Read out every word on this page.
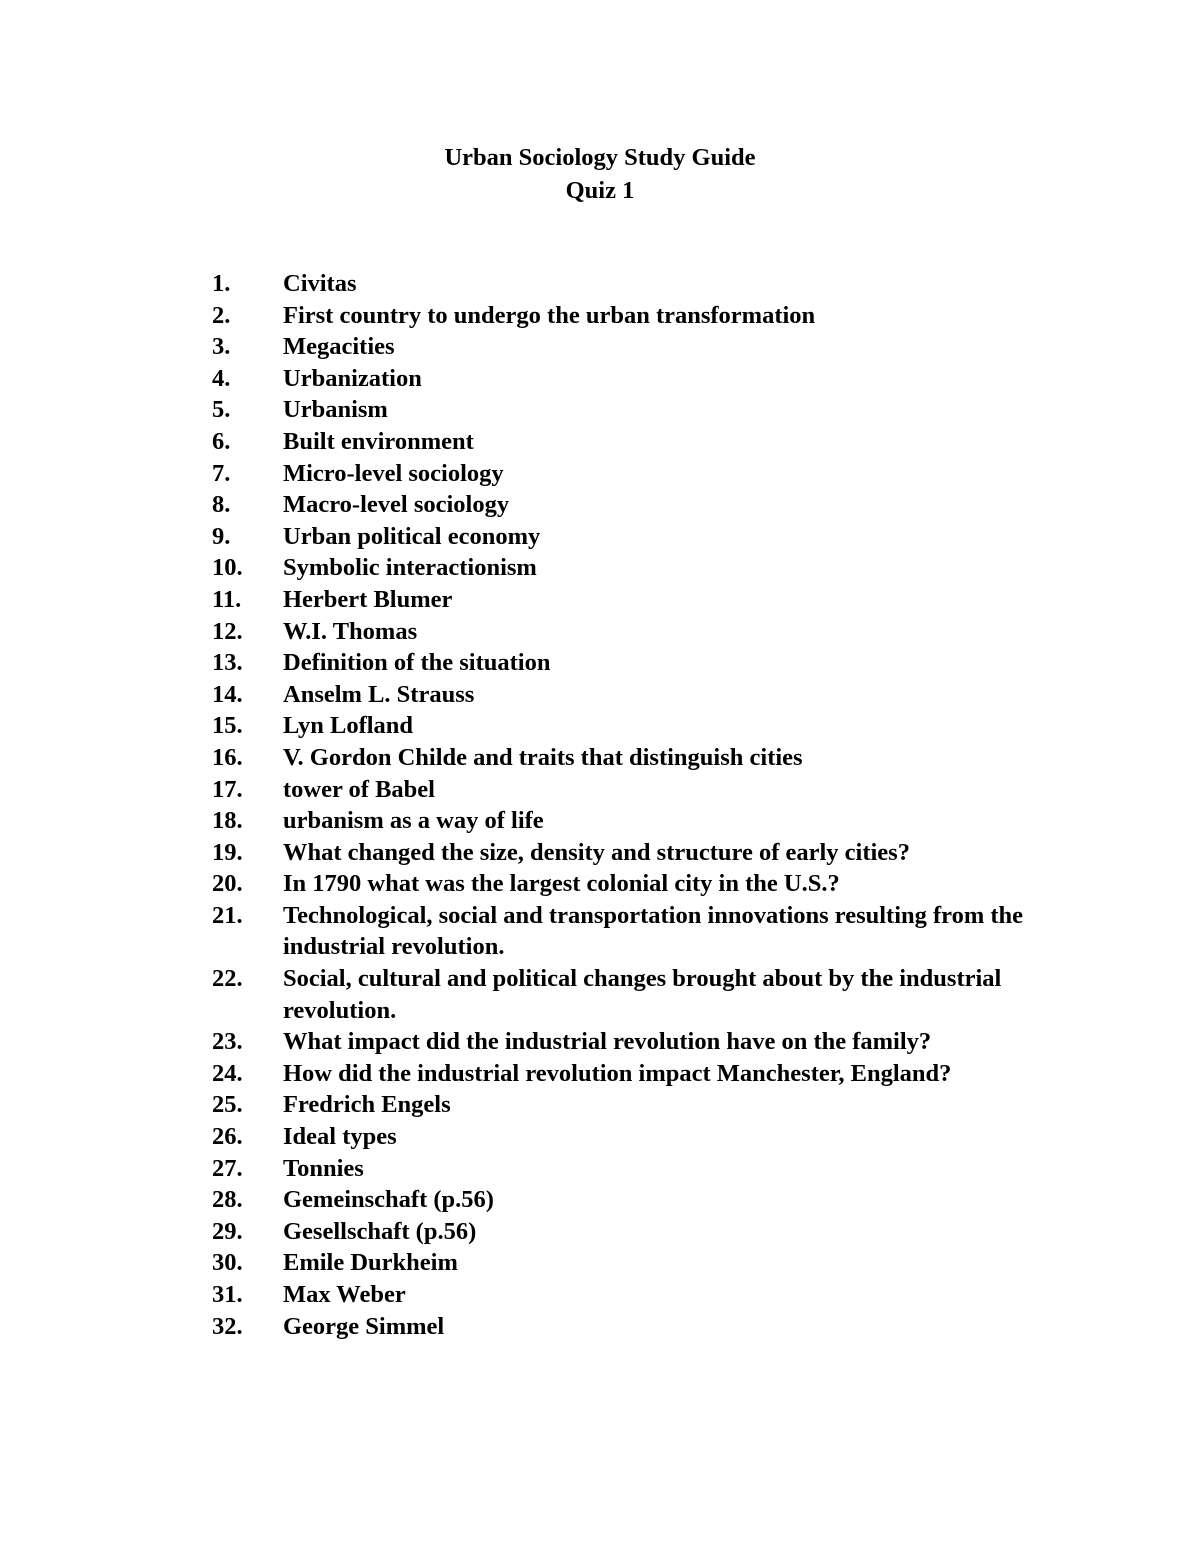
Urban Sociology Study Guide
Quiz 1
1.	Civitas
2.	First country to undergo the urban transformation
3.	Megacities
4.	Urbanization
5.	Urbanism
6.	Built environment
7.	Micro-level sociology
8.	Macro-level sociology
9.	Urban political economy
10.	Symbolic interactionism
11.	Herbert Blumer
12.	W.I. Thomas
13.	Definition of the situation
14.	Anselm L. Strauss
15.	Lyn Lofland
16.	V. Gordon Childe and traits that distinguish cities
17.	tower of Babel
18.	urbanism as a way of life
19.	What changed the size, density and structure of early cities?
20.	In 1790 what was the largest colonial city in the U.S.?
21.	Technological, social and transportation innovations resulting from the industrial revolution.
22.	Social, cultural and political changes brought about by the industrial revolution.
23.	What impact did the industrial revolution have on the family?
24.	How did the industrial revolution impact Manchester, England?
25.	Fredrich Engels
26.	Ideal types
27.	Tonnies
28.	Gemeinschaft (p.56)
29.	Gesellschaft (p.56)
30.	Emile Durkheim
31.	Max Weber
32.	George Simmel
